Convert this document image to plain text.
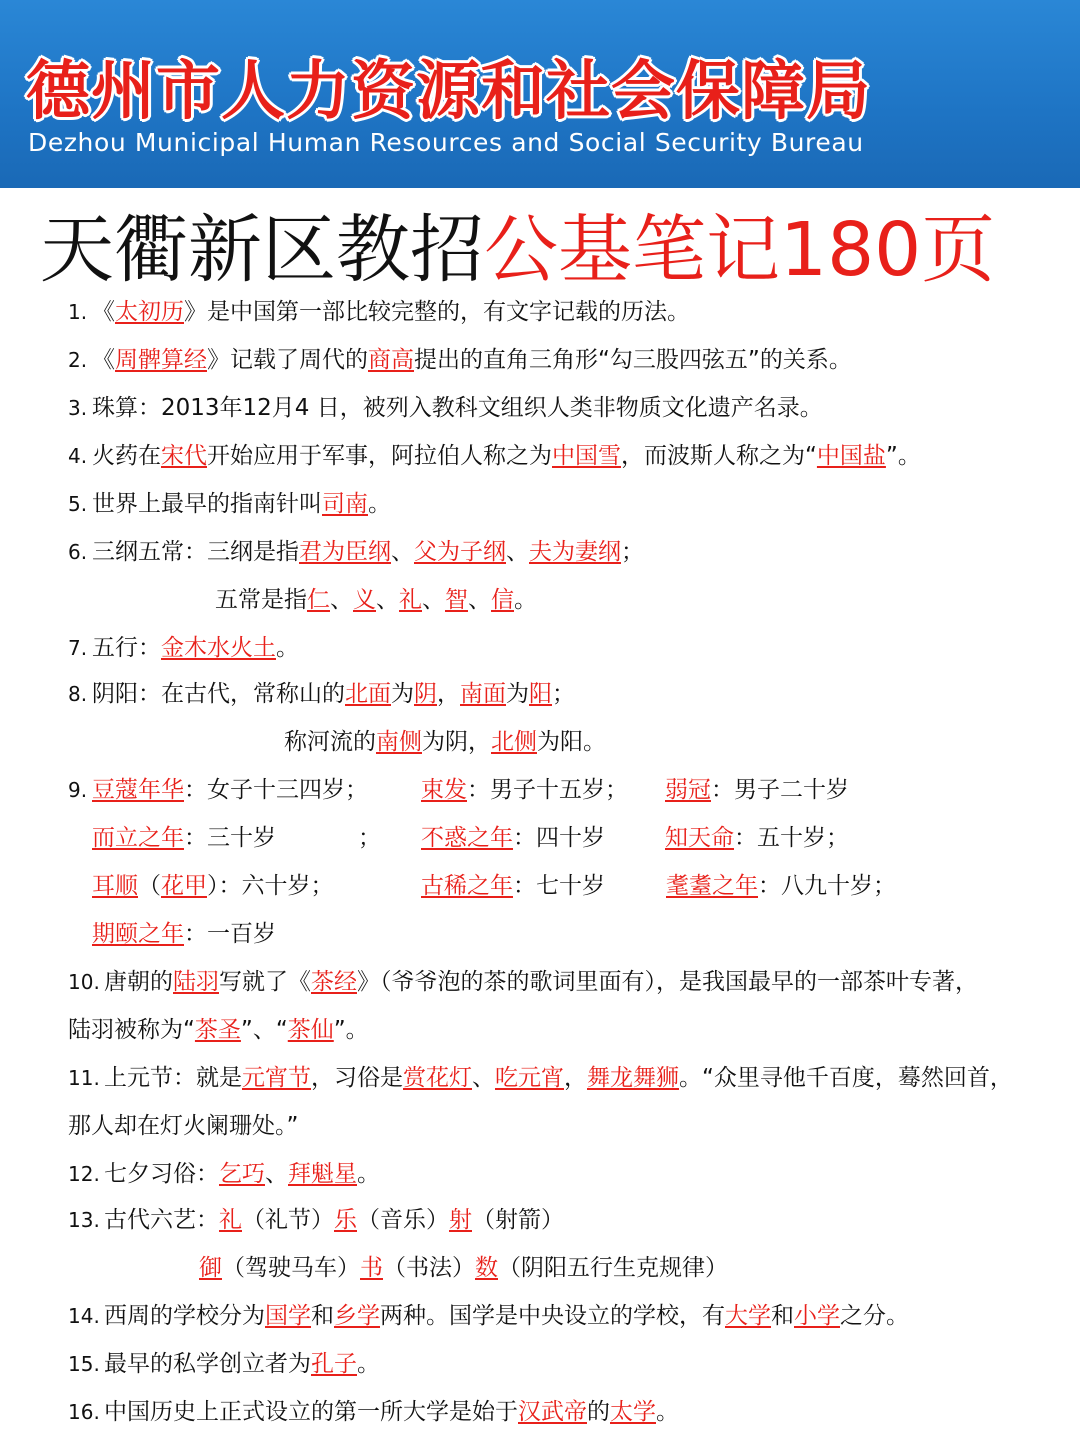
德州市人力资源和社会保障局

Dezhou Municipal Human Resources and Social Security Bureau

天衢新区教招公基笔记180页
1. 《太初历》是中国第一部比较完整的，有文字记载的历法。
2. 《周髀算经》记载了周代的商高提出的直角三角形“勾三股四弦五”的关系。
3. 珠算：2013年12月4 日，被列入教科文组织人类非物质文化遗产名录。
4. 火药在宋代开始应用于军事，阿拉伯人称之为中国雪，而波斯人称之为“中国盐”。
5. 世界上最早的指南针叫司南。
6. 三纲五常：三纲是指君为臣纲、父为子纲、夫为妻纲；
五常是指仁、义、礼、智、信。
7. 五行：金木水火土。
8. 阴阳：在古代，常称山的北面为阴，南面为阳；
称河流的南侧为阴，北侧为阳。
9. 豆蔻年华：女子十三四岁； 束发：男子十五岁； 弱冠：男子二十岁
而立之年：三十岁	； 不惑之年：四十岁	知天命：五十岁；
耳顺（花甲）：六十岁；	古稀之年：七十岁	耄耋之年：八九十岁；
期颐之年：一百岁
10. 唐朝的陆羽写就了《茶经》（爷爷泡的茶的歌词里面有），是我国最早的一部茶叶专著，
陆羽被称为“茶圣”、“茶仙”。
11. 上元节：就是元宵节，习俗是赏花灯、吃元宵，舞龙舞狮。“众里寻他千百度，蓦然回首，
那人却在灯火阑珊处。”
12. 七夕习俗：乞巧、拜魁星。
13. 古代六艺：礼（礼节）乐（音乐）射（射箭）
御（驾驶马车）书（书法）数（阴阳五行生克规律）
14. 西周的学校分为国学和乡学两种。国学是中央设立的学校，有大学和小学之分。
15. 最早的私学创立者为孔子。
16. 中国历史上正式设立的第一所大学是始于汉武帝的太学。
